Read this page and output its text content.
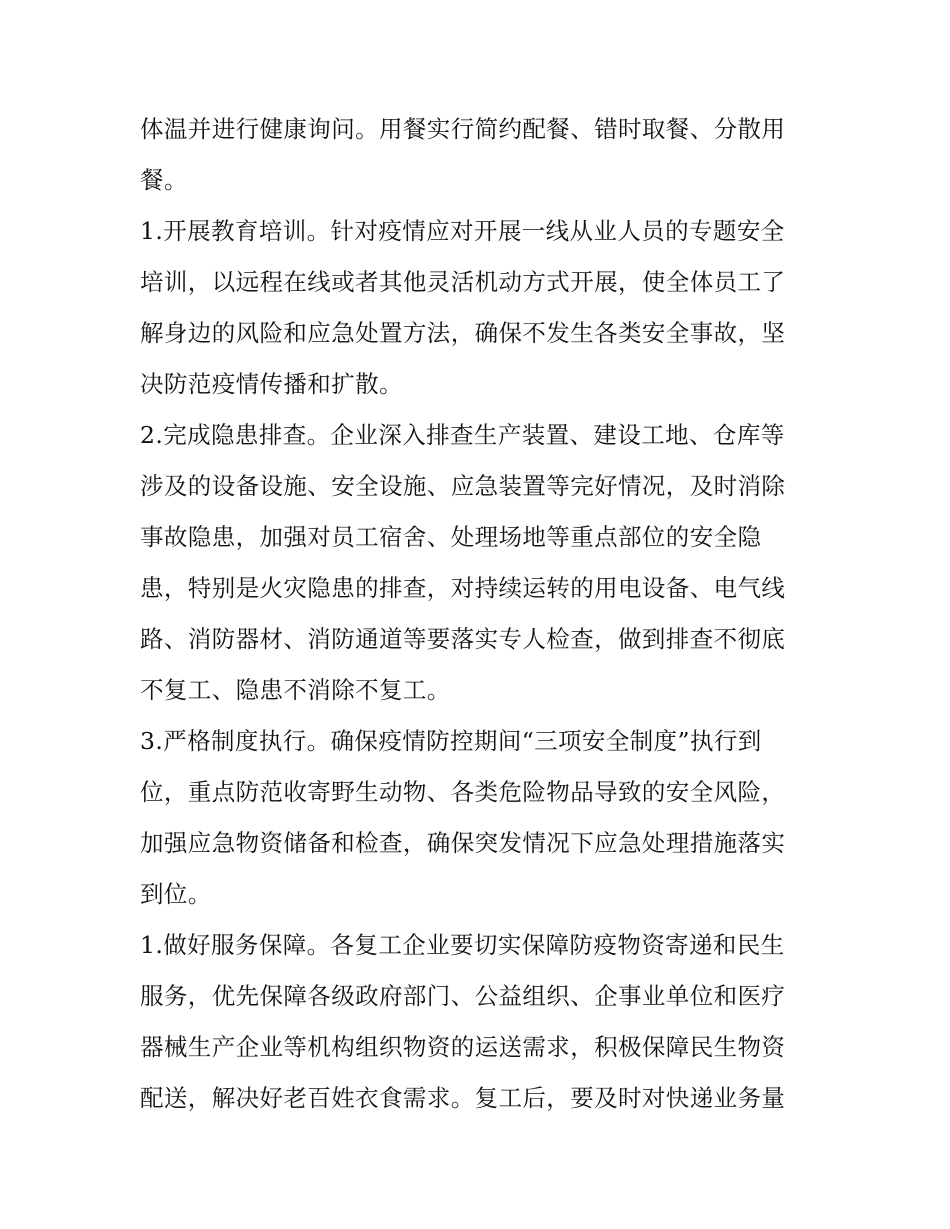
体温并进行健康询问。用餐实行简约配餐、错时取餐、分散用
餐。
1.开展教育培训。针对疫情应对开展一线从业人员的专题安全
培训，以远程在线或者其他灵活机动方式开展，使全体员工了
解身边的风险和应急处置方法，确保不发生各类安全事故，坚
决防范疫情传播和扩散。
2.完成隐患排查。企业深入排查生产装置、建设工地、仓库等
涉及的设备设施、安全设施、应急装置等完好情况，及时消除
事故隐患，加强对员工宿舍、处理场地等重点部位的安全隐
患，特别是火灾隐患的排查，对持续运转的用电设备、电气线
路、消防器材、消防通道等要落实专人检查，做到排查不彻底
不复工、隐患不消除不复工。
3.严格制度执行。确保疫情防控期间“三项安全制度”执行到
位，重点防范收寄野生动物、各类危险物品导致的安全风险，
加强应急物资储备和检查，确保突发情况下应急处理措施落实
到位。
1.做好服务保障。各复工企业要切实保障防疫物资寄递和民生
服务，优先保障各级政府部门、公益组织、企事业单位和医疗
器械生产企业等机构组织物资的运送需求，积极保障民生物资
配送，解决好老百姓衣食需求。复工后，要及时对快递业务量
